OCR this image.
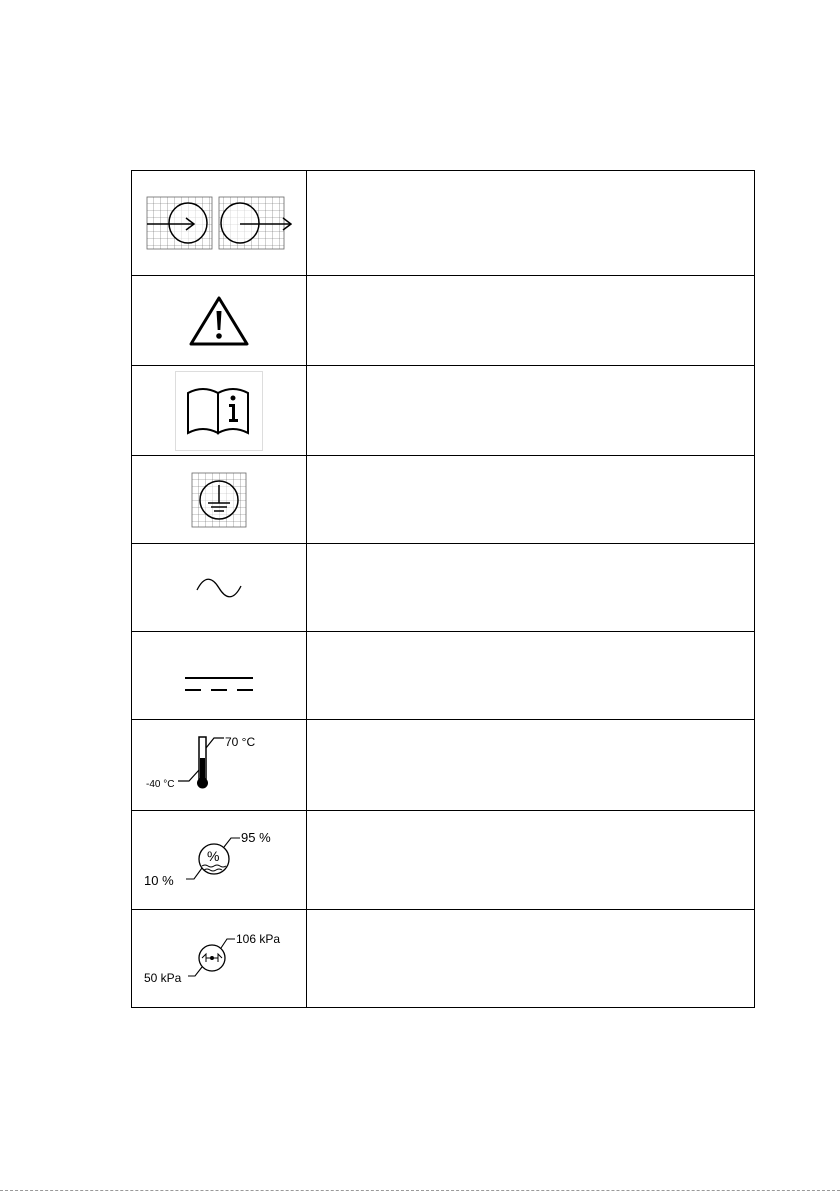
70 °C
-40 °C	

%
95 %
10 %	

106 kPa
50 kPa	
